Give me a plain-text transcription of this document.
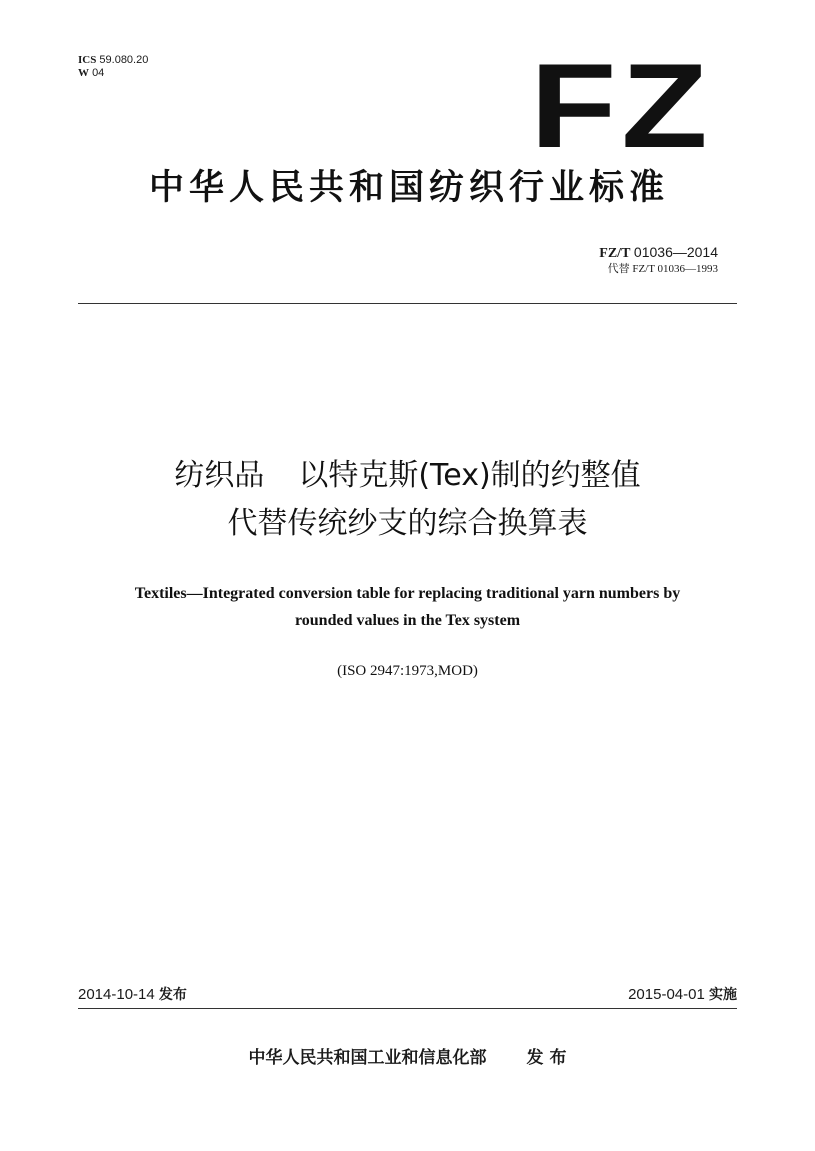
ICS 59.080.20
W 04	FZ
中华人民共和国纺织行业标准
FZ/T 01036—2014
代替 FZ/T 01036—1993
纺织品 以特克斯(Tex)制的约整值
代替传统纱支的综合换算表
Textiles—Integrated conversion table for replacing traditional yarn numbers by
rounded values in the Tex system
(ISO 2947:1973,MOD)
2014-10-14 发布	2015-04-01 实施
中华人民共和国工业和信息化部 发 布
